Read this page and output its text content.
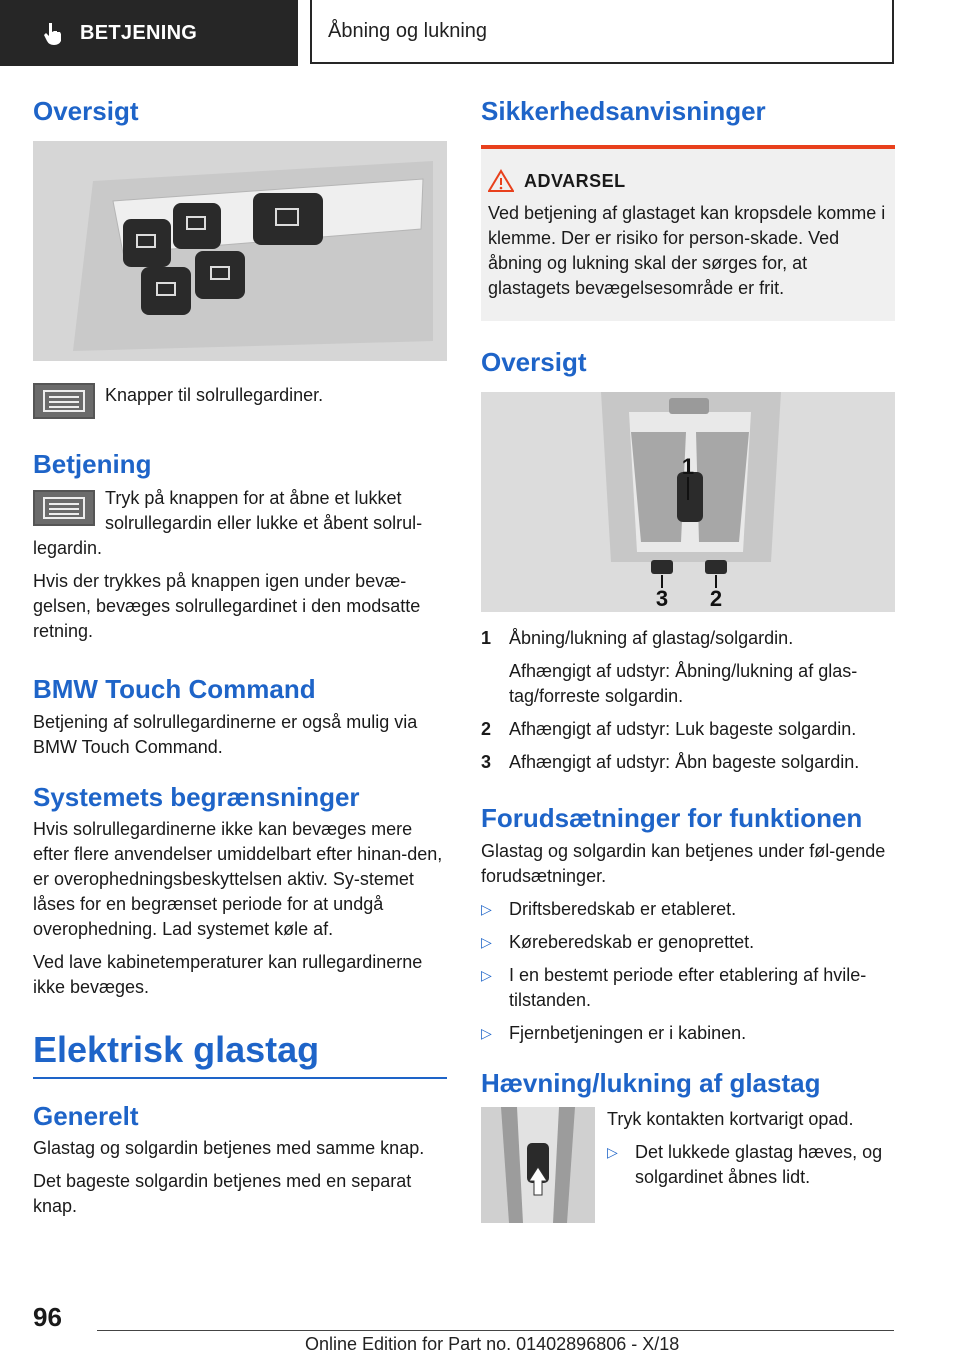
BETJENING	Åbning og lukning
Oversigt

Knapper til solrullegardiner.

Betjening

Tryk på knappen for at åbne et lukket solrullegardin eller lukke et åbent solrul‐legardin.

Hvis der trykkes på knappen igen under bevæ‐gelsen, bevæges solrullegardinet i den modsatte retning.

BMW Touch Command

Betjening af solrullegardinerne er også mulig via BMW Touch Command.

Systemets begrænsninger

Hvis solrullegardinerne ikke kan bevæges mere efter flere anvendelser umiddelbart efter hinan‐den, er overophedningsbeskyttelsen aktiv. Sy‐stemet låses for en begrænset periode for at undgå overophedning. Lad systemet køle af.

Ved lave kabinetemperaturer kan rullegardinerne ikke bevæges.

Elektrisk glastag
Generelt

Glastag og solgardin betjenes med samme knap.

Det bageste solgardin betjenes med en separat knap.

Sikkerhedsanvisninger
ADVARSEL

Ved betjening af glastaget kan kropsdele komme i klemme. Der er risiko for person‐skade. Ved åbning og lukning skal der sørges for, at glastagets bevægelsesområde er frit.

Oversigt
1
3 2
1 Åbning/lukning af glastag/solgardin.
Afhængigt af udstyr: Åbning/lukning af glas‐tag/forreste solgardin.
2 Afhængigt af udstyr: Luk bageste solgardin.
3 Afhængigt af udstyr: Åbn bageste solgardin.
Forudsætninger for funktionen

Glastag og solgardin kan betjenes under føl‐gende forudsætninger.

▷ Driftsberedskab er etableret.
▷ Køreberedskab er genoprettet.
▷ I en bestemt periode efter etablering af hvile‐tilstanden.
▷ Fjernbetjeningen er i kabinen.
Hævning/lukning af glastag

Tryk kontakten kortvarigt opad.

▷ Det lukkede glastag hæves, og solgardinet åbnes lidt.
96
Online Edition for Part no. 01402896806 - X/18
